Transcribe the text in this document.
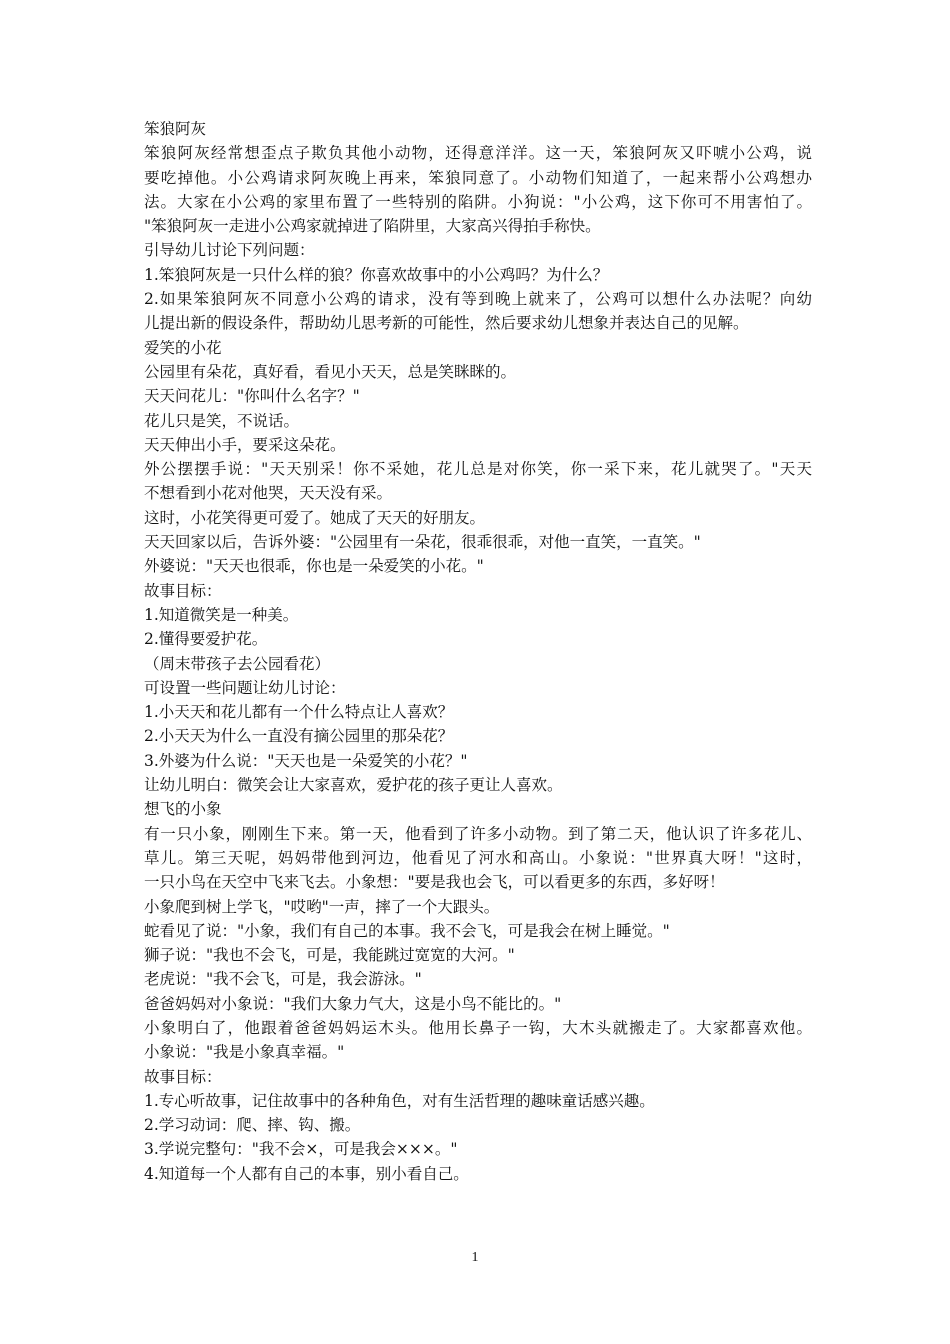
笨狼阿灰
笨狼阿灰经常想歪点子欺负其他小动物，还得意洋洋。这一天，笨狼阿灰又吓唬小公鸡，说
要吃掉他。小公鸡请求阿灰晚上再来，笨狼同意了。小动物们知道了，一起来帮小公鸡想办
法。大家在小公鸡的家里布置了一些特别的陷阱。小狗说："小公鸡，这下你可不用害怕了。
"笨狼阿灰一走进小公鸡家就掉进了陷阱里，大家高兴得拍手称快。
引导幼儿讨论下列问题：
1.笨狼阿灰是一只什么样的狼？你喜欢故事中的小公鸡吗？为什么？
2.如果笨狼阿灰不同意小公鸡的请求，没有等到晚上就来了，公鸡可以想什么办法呢？向幼
儿提出新的假设条件，帮助幼儿思考新的可能性，然后要求幼儿想象并表达自己的见解。
爱笑的小花
公园里有朵花，真好看，看见小天天，总是笑眯眯的。
天天问花儿："你叫什么名字？"
花儿只是笑，不说话。
天天伸出小手，要采这朵花。
外公摆摆手说："天天别采！你不采她，花儿总是对你笑，你一采下来，花儿就哭了。"天天
不想看到小花对他哭，天天没有采。
这时，小花笑得更可爱了。她成了天天的好朋友。
天天回家以后，告诉外婆："公园里有一朵花，很乖很乖，对他一直笑，一直笑。"
外婆说："天天也很乖，你也是一朵爱笑的小花。"
故事目标：
1.知道微笑是一种美。
2.懂得要爱护花。
（周末带孩子去公园看花）
可设置一些问题让幼儿讨论：
1.小天天和花儿都有一个什么特点让人喜欢？
2.小天天为什么一直没有摘公园里的那朵花？
3.外婆为什么说："天天也是一朵爱笑的小花？"
让幼儿明白：微笑会让大家喜欢，爱护花的孩子更让人喜欢。
想飞的小象
有一只小象，刚刚生下来。第一天，他看到了许多小动物。到了第二天，他认识了许多花儿、
草儿。第三天呢，妈妈带他到河边，他看见了河水和高山。小象说："世界真大呀！"这时，
一只小鸟在天空中飞来飞去。小象想："要是我也会飞，可以看更多的东西，多好呀！
小象爬到树上学飞，"哎哟"一声，摔了一个大跟头。
蛇看见了说："小象，我们有自己的本事。我不会飞，可是我会在树上睡觉。"
狮子说："我也不会飞，可是，我能跳过宽宽的大河。"
老虎说："我不会飞，可是，我会游泳。"
爸爸妈妈对小象说："我们大象力气大，这是小鸟不能比的。"
小象明白了，他跟着爸爸妈妈运木头。他用长鼻子一钩，大木头就搬走了。大家都喜欢他。
小象说："我是小象真幸福。"
故事目标：
1.专心听故事，记住故事中的各种角色，对有生活哲理的趣味童话感兴趣。
2.学习动词：爬、摔、钩、搬。
3.学说完整句："我不会×，可是我会×××。"
4.知道每一个人都有自己的本事，别小看自己。
1
